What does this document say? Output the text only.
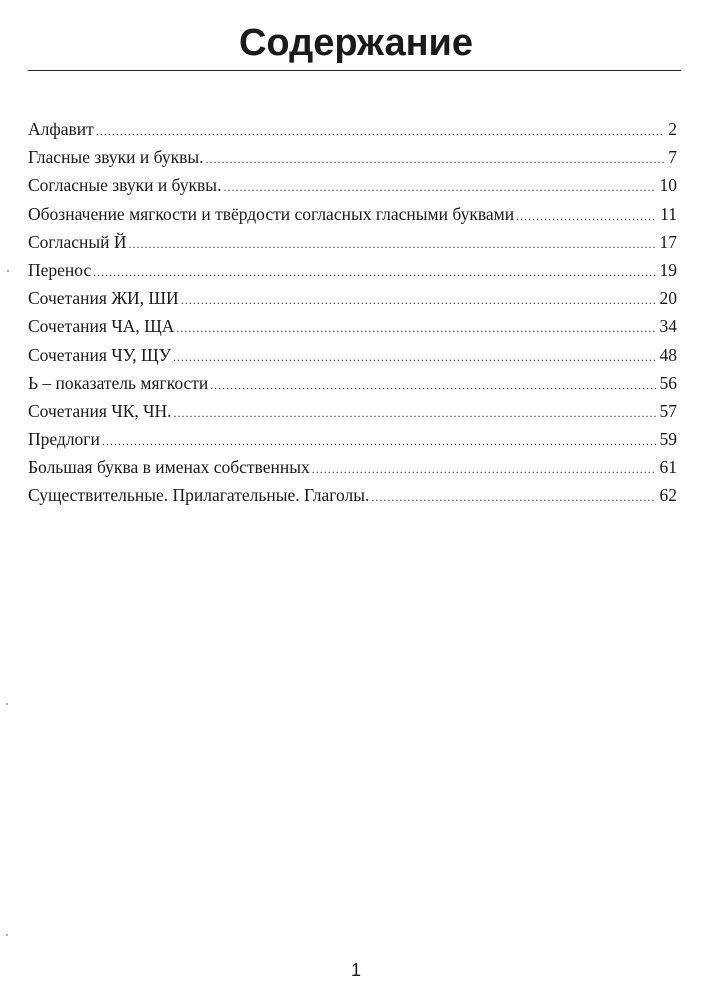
Содержание
Алфавит .....	2
Гласные звуки и буквы. .....	7
Согласные звуки и буквы. .....	10
Обозначение мягкости и твёрдости согласных гласными буквами .....	11
Согласный Й .....	17
Перенос .....	19
Сочетания ЖИ, ШИ .....	20
Сочетания ЧА, ЩА .....	34
Сочетания ЧУ, ЩУ .....	48
Ь – показатель мягкости .....	56
Сочетания ЧК, ЧН. .....	57
Предлоги .....	59
Большая буква в именах собственных .....	61
Существительные. Прилагательные. Глаголы. .....	62
1
